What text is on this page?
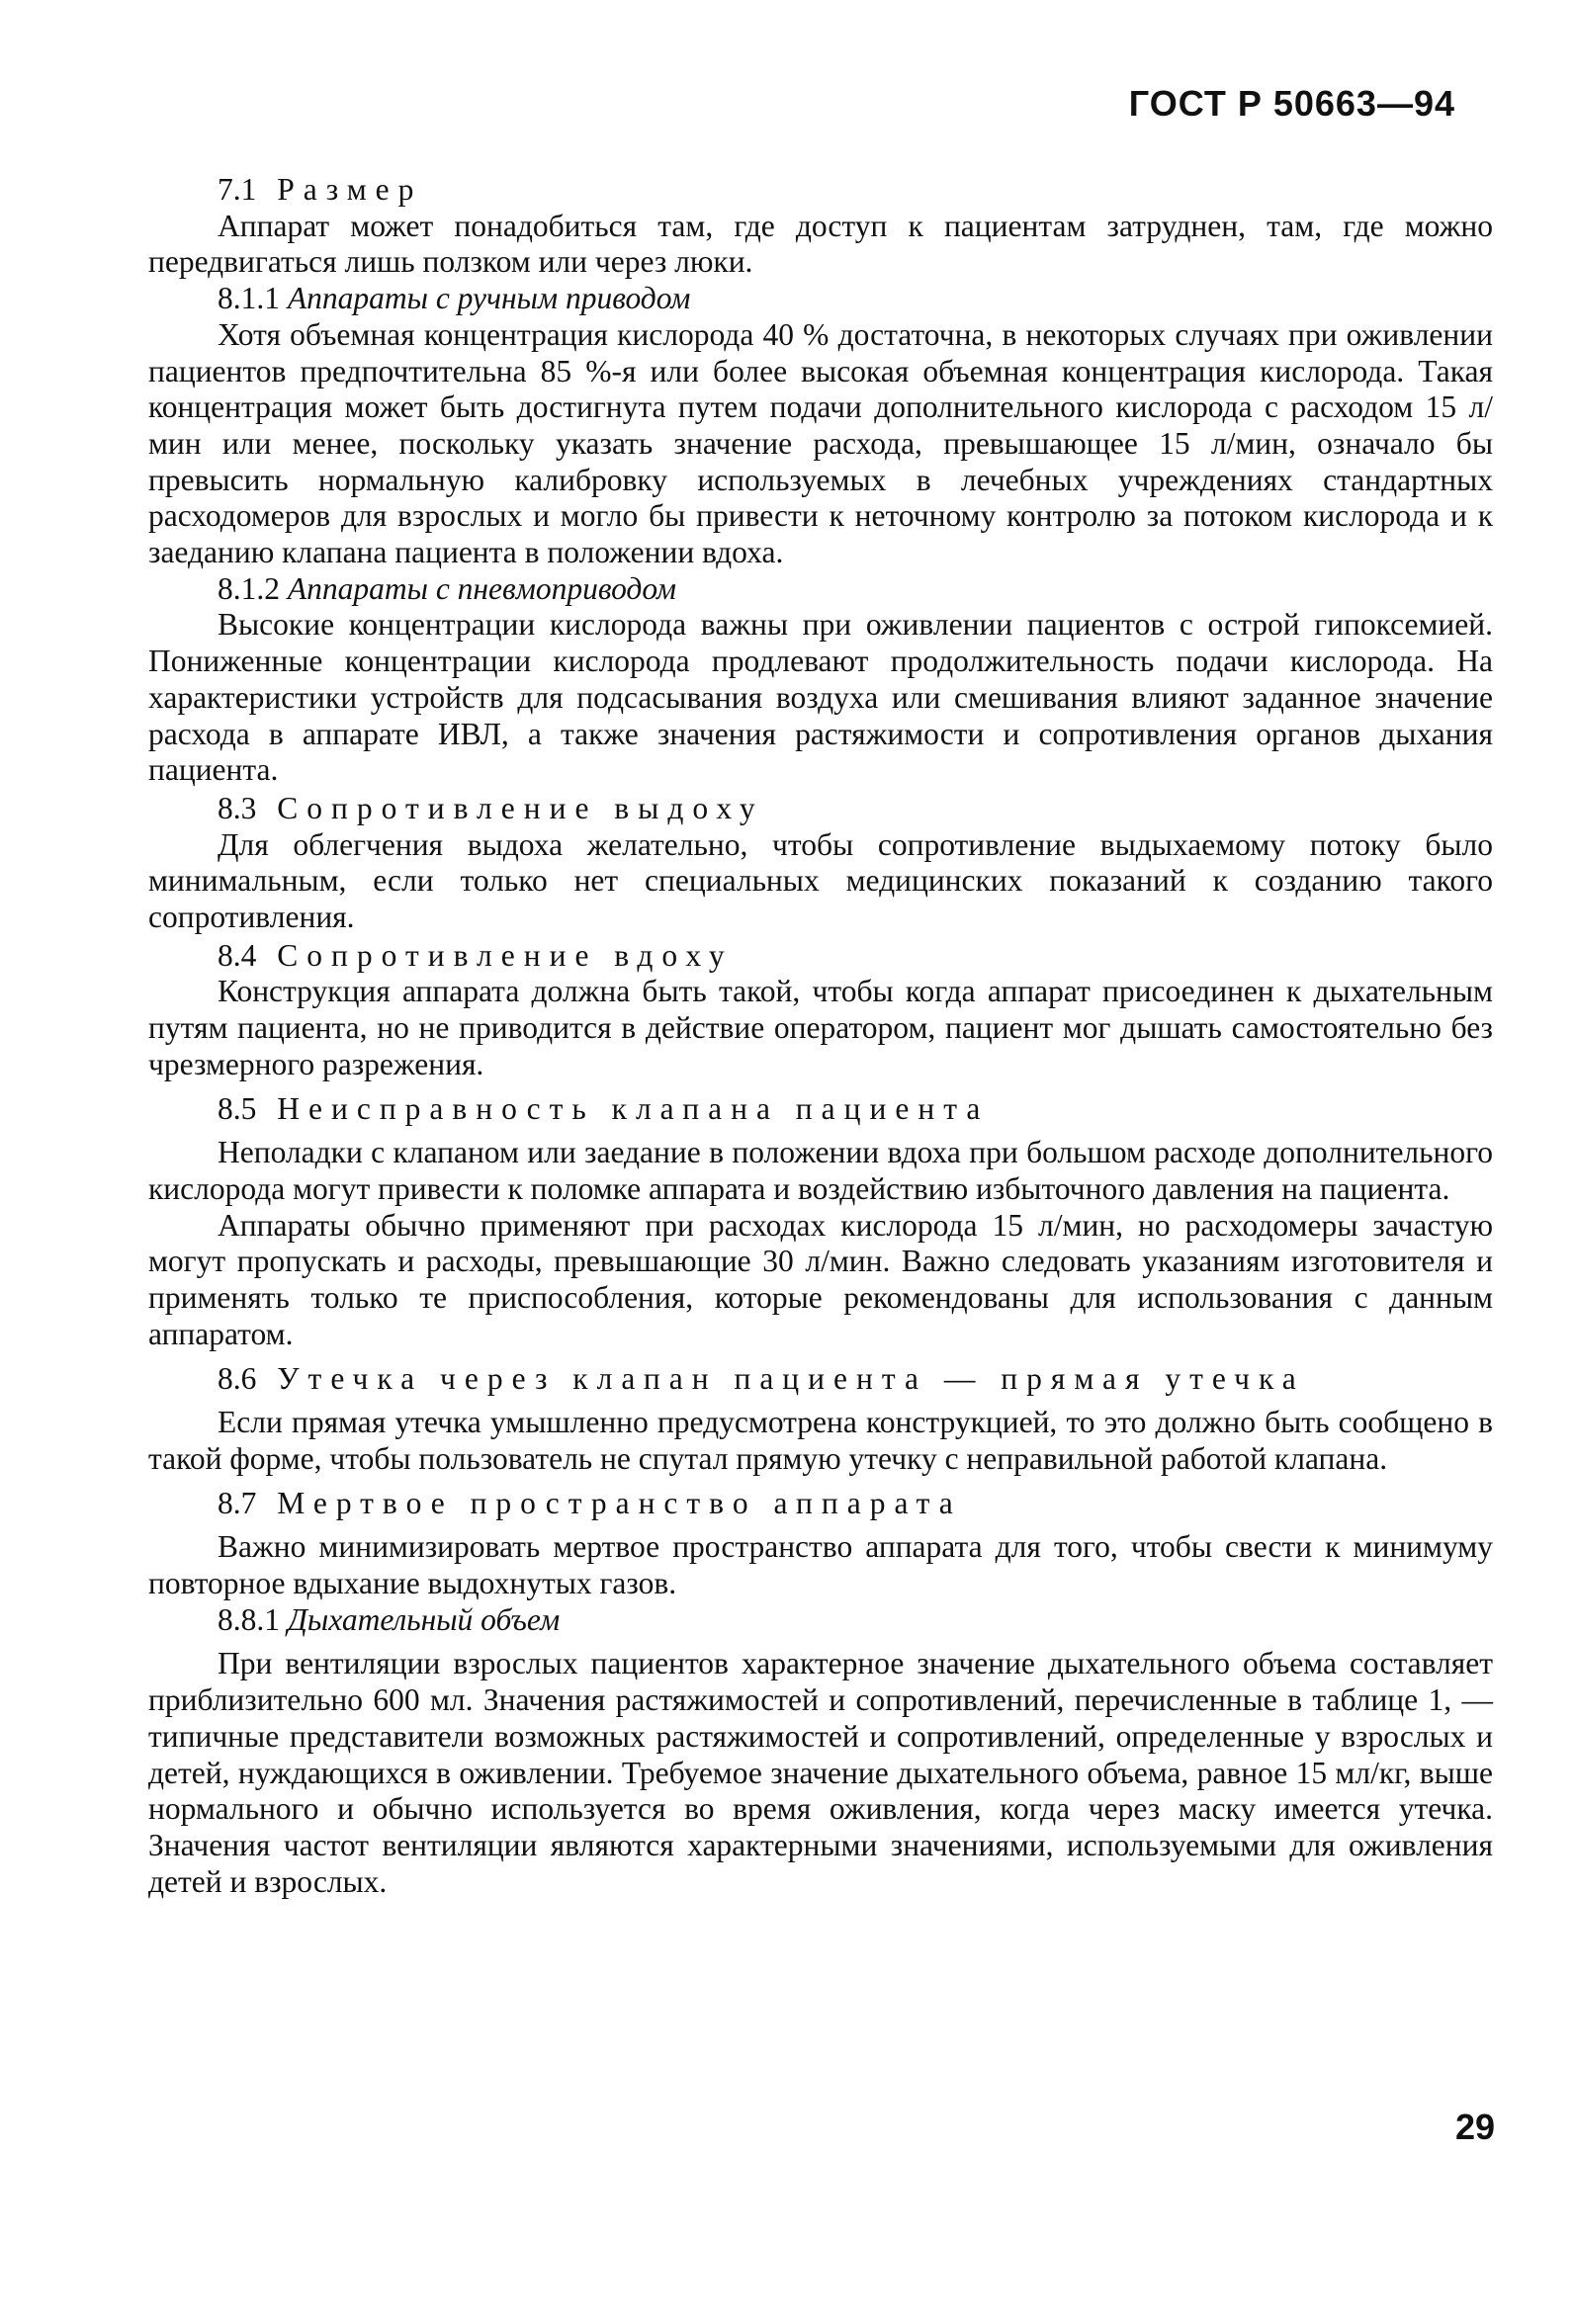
ГОСТ Р 50663—94
7.1 Размер

Аппарат может понадобиться там, где доступ к пациентам затруднен, там, где можно передвигаться лишь ползком или через люки.

8.1.1 Аппараты с ручным приводом

Хотя объемная концентрация кислорода 40 % достаточна, в некоторых случаях при оживлении пациентов предпочтительна 85 %-я или более высокая объемная концентрация кислорода. Такая концентрация может быть достигнута путем подачи дополнительного кислорода с расходом 15 л/мин или менее, поскольку указать значение расхода, превышающее 15 л/мин, означало бы превысить нормальную калибровку используемых в лечебных учреждениях стандартных расходомеров для взрослых и могло бы привести к неточному контролю за потоком кислорода и к заеданию клапана пациента в положении вдоха.

8.1.2 Аппараты с пневмоприводом

Высокие концентрации кислорода важны при оживлении пациентов с острой гипоксемией. Пониженные концентрации кислорода продлевают продолжительность подачи кислорода. На характеристики устройств для подсасывания воздуха или смешивания влияют заданное значение расхода в аппарате ИВЛ, а также значения растяжимости и сопротивления органов дыхания пациента.

8.3 Сопротивление выдоху

Для облегчения выдоха желательно, чтобы сопротивление выдыхаемому потоку было минимальным, если только нет специальных медицинских показаний к созданию такого сопротивления.

8.4 Сопротивление вдоху

Конструкция аппарата должна быть такой, чтобы когда аппарат присоединен к дыхательным путям пациента, но не приводится в действие оператором, пациент мог дышать самостоятельно без чрезмерного разрежения.

8.5 Неисправность клапана пациента

Неполадки с клапаном или заедание в положении вдоха при большом расходе дополнительного кислорода могут привести к поломке аппарата и воздействию избыточного давления на пациента.

Аппараты обычно применяют при расходах кислорода 15 л/мин, но расходомеры зачастую могут пропускать и расходы, превышающие 30 л/мин. Важно следовать указаниям изготовителя и применять только те приспособления, которые рекомендованы для использования с данным аппаратом.

8.6 Утечка через клапан пациента — прямая утечка

Если прямая утечка умышленно предусмотрена конструкцией, то это должно быть сообщено в такой форме, чтобы пользователь не спутал прямую утечку с неправильной работой клапана.

8.7 Мертвое пространство аппарата

Важно минимизировать мертвое пространство аппарата для того, чтобы свести к минимуму повторное вдыхание выдохнутых газов.

8.8.1 Дыхательный объем

При вентиляции взрослых пациентов характерное значение дыхательного объема составляет приблизительно 600 мл. Значения растяжимостей и сопротивлений, перечисленные в таблице 1, — типичные представители возможных растяжимостей и сопротивлений, определенные у взрослых и детей, нуждающихся в оживлении. Требуемое значение дыхательного объема, равное 15 мл/кг, выше нормального и обычно используется во время оживления, когда через маску имеется утечка. Значения частот вентиляции являются характерными значениями, используемыми для оживления детей и взрослых.

29
